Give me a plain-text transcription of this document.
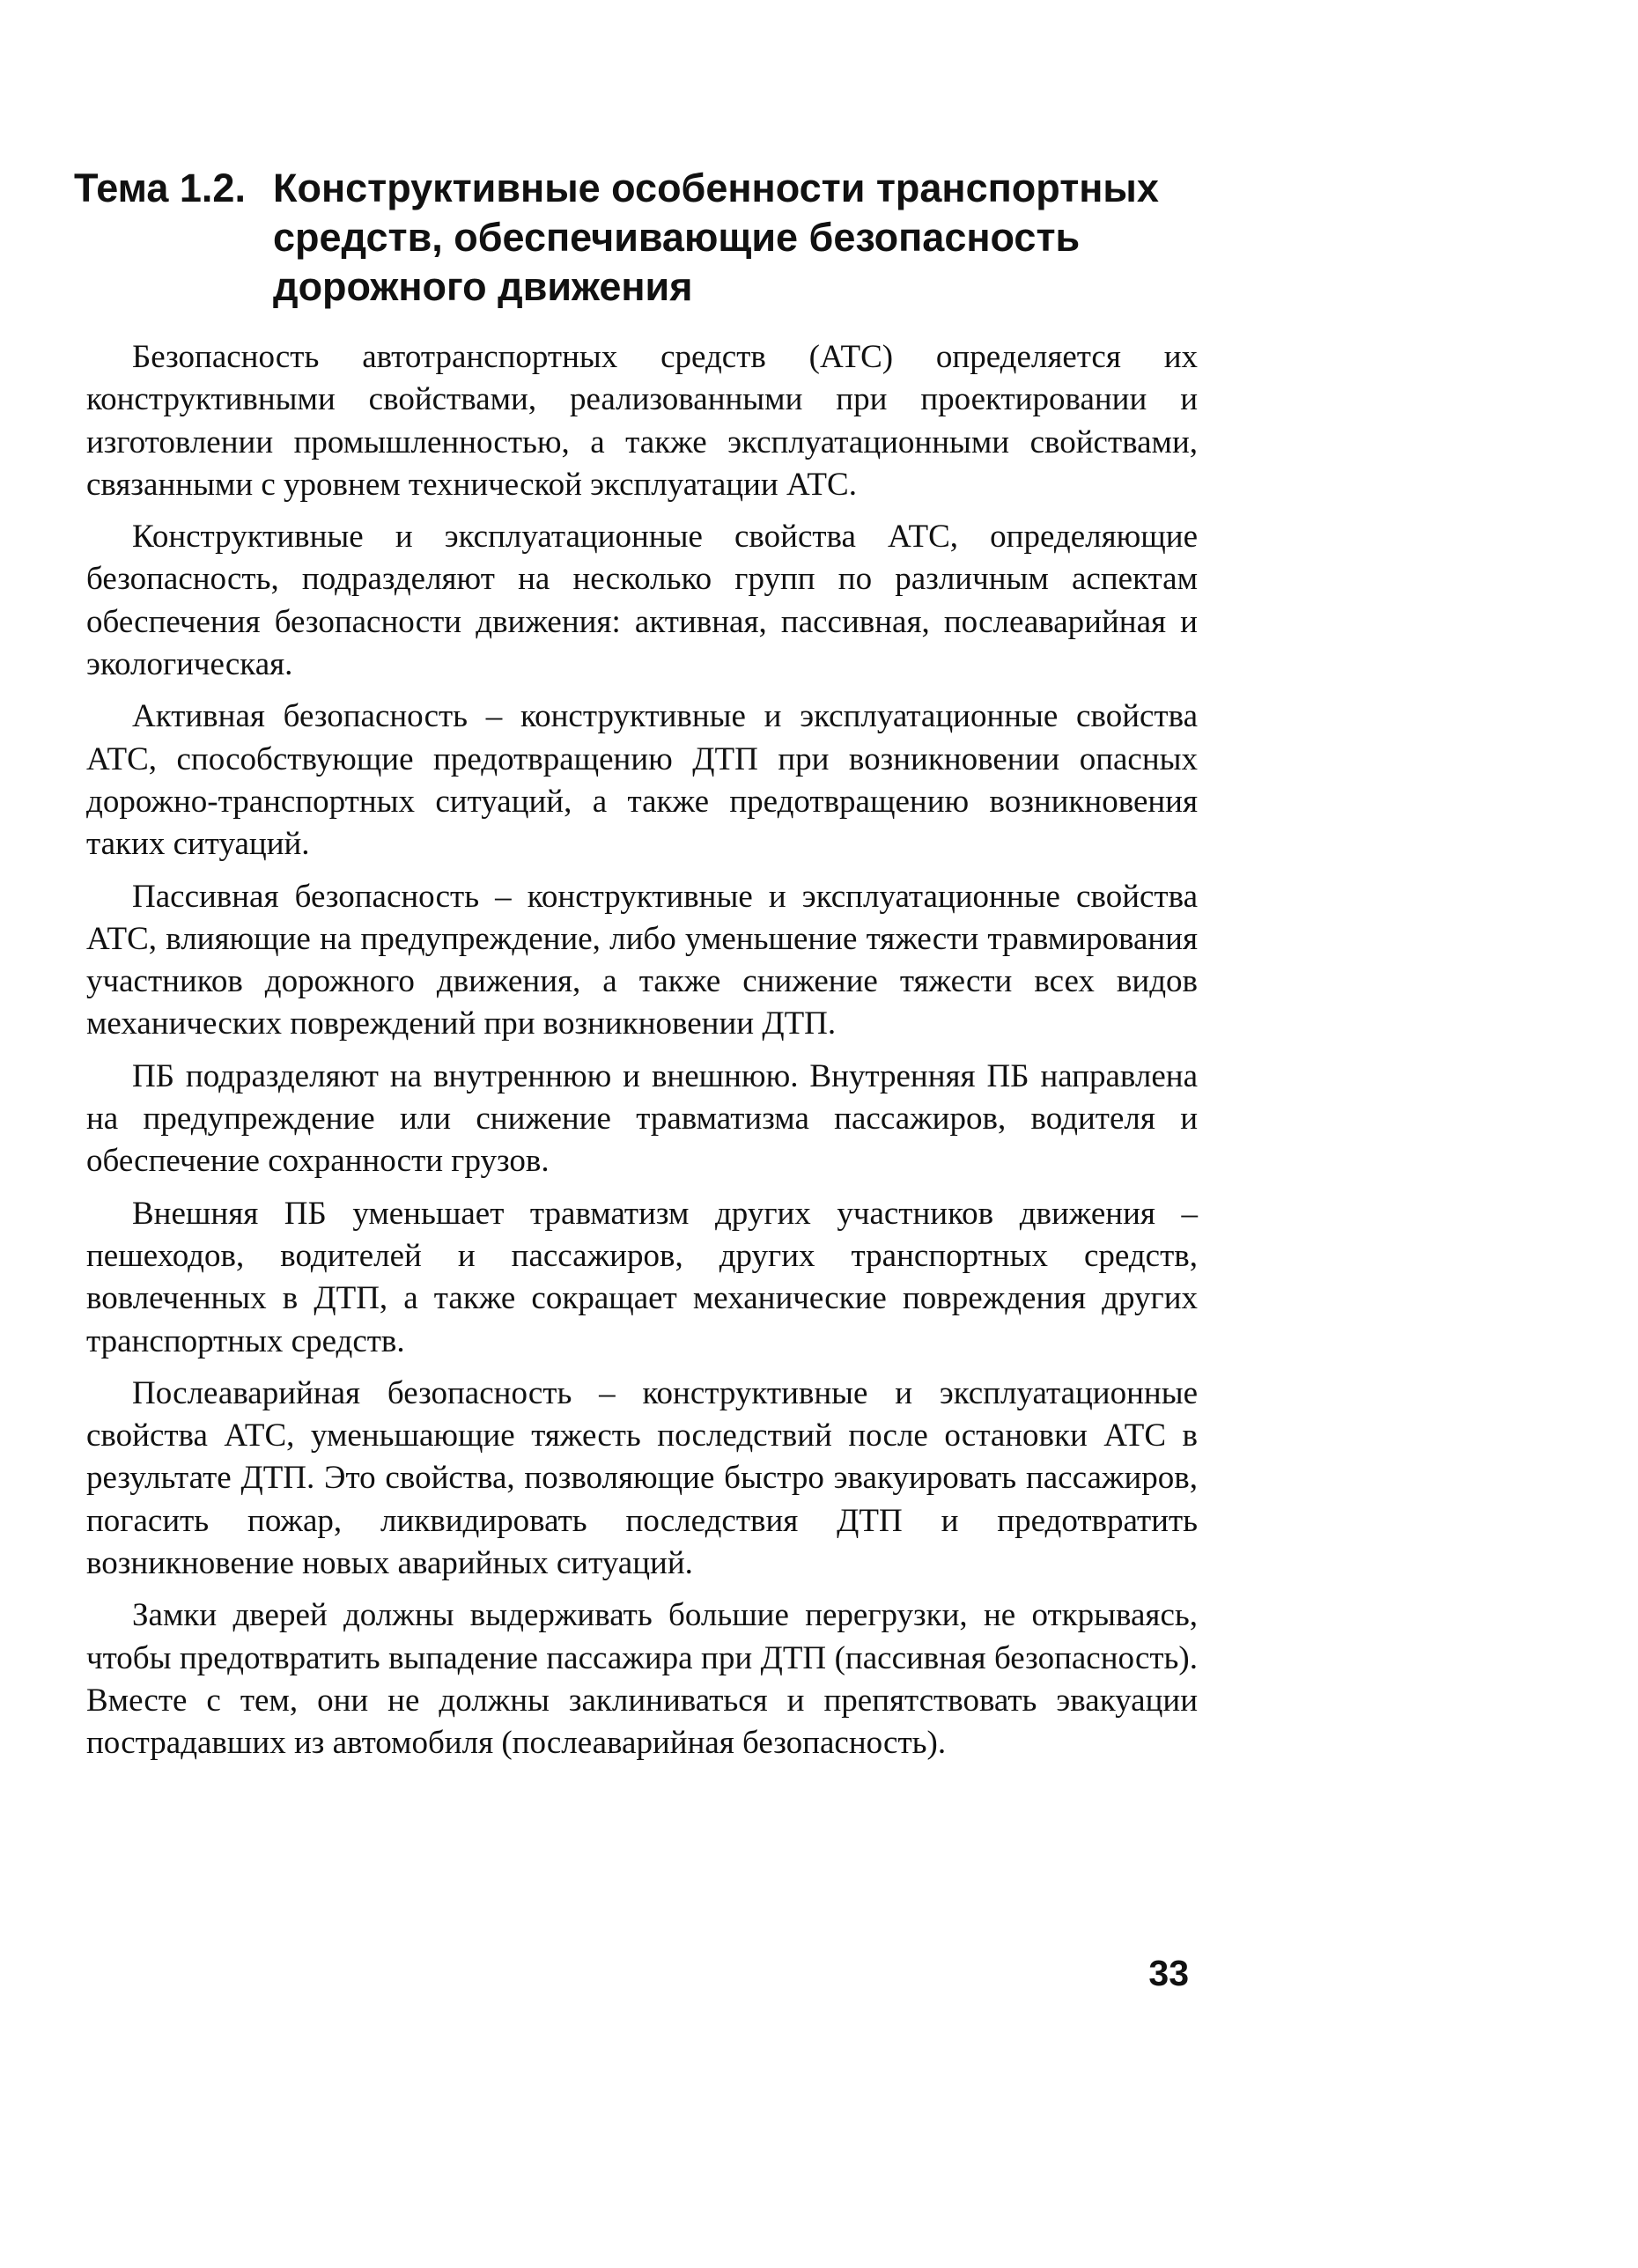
Тема 1.2. Конструктивные особенности транспортных средств, обеспечивающие безопасность дорожного движения

Безопасность автотранспортных средств (АТС) определяется их конструктивными свойствами, реализованными при проектировании и изготовлении промышленностью, а также эксплуатационными свойствами, связанными с уровнем технической эксплуатации АТС.

Конструктивные и эксплуатационные свойства АТС, определяющие безопасность, подразделяют на несколько групп по различным аспектам обеспечения безопасности движения: активная, пассивная, послеаварийная и экологическая.

Активная безопасность – конструктивные и эксплуатационные свойства АТС, способствующие предотвращению ДТП при возникновении опасных дорожно-транспортных ситуаций, а также предотвращению возникновения таких ситуаций.

Пассивная безопасность – конструктивные и эксплуатационные свойства АТС, влияющие на предупреждение, либо уменьшение тяжести травмирования участников дорожного движения, а также снижение тяжести всех видов механических повреждений при возникновении ДТП.

ПБ подразделяют на внутреннюю и внешнюю. Внутренняя ПБ направлена на предупреждение или снижение травматизма пассажиров, водителя и обеспечение сохранности грузов.

Внешняя ПБ уменьшает травматизм других участников движения – пешеходов, водителей и пассажиров, других транспортных средств, вовлеченных в ДТП, а также сокращает механические повреждения других транспортных средств.

Послеаварийная безопасность – конструктивные и эксплуатационные свойства АТС, уменьшающие тяжесть последствий после остановки АТС в результате ДТП. Это свойства, позволяющие быстро эвакуировать пассажиров, погасить пожар, ликвидировать последствия ДТП и предотвратить возникновение новых аварийных ситуаций.

Замки дверей должны выдерживать большие перегрузки, не открываясь, чтобы предотвратить выпадение пассажира при ДТП (пассивная безопасность). Вместе с тем, они не должны заклиниваться и препятствовать эвакуации пострадавших из автомобиля (послеаварийная безопасность).

33
